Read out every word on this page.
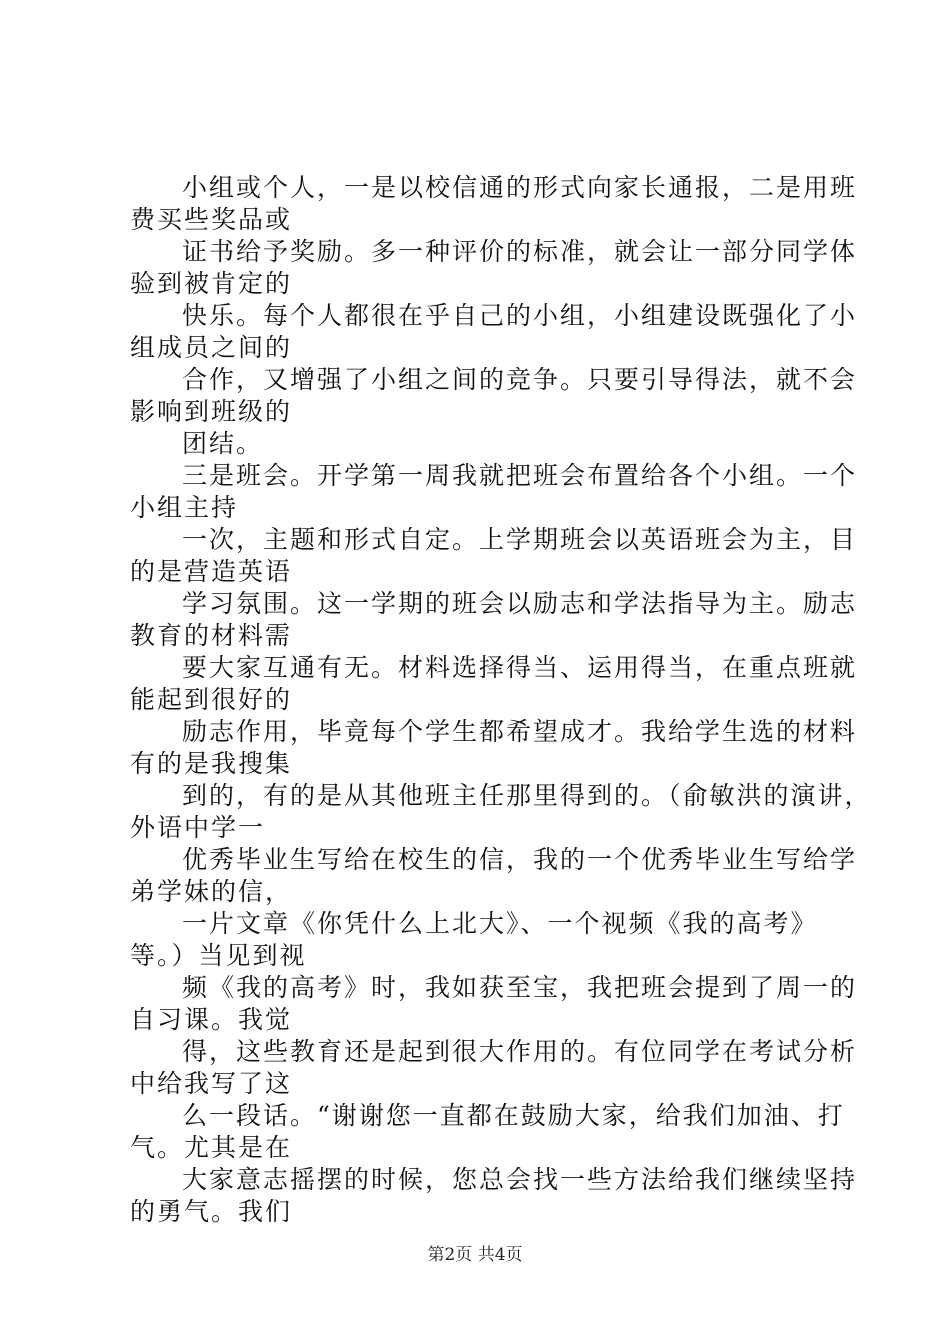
小组或个人，一是以校信通的形式向家长通报，二是用班

费买些奖品或

证书给予奖励。多一种评价的标准，就会让一部分同学体

验到被肯定的

快乐。每个人都很在乎自己的小组，小组建设既强化了小

组成员之间的

合作，又增强了小组之间的竞争。只要引导得法，就不会

影响到班级的

团结。

三是班会。开学第一周我就把班会布置给各个小组。一个

小组主持

一次，主题和形式自定。上学期班会以英语班会为主，目

的是营造英语

学习氛围。这一学期的班会以励志和学法指导为主。励志

教育的材料需

要大家互通有无。材料选择得当、运用得当，在重点班就

能起到很好的

励志作用，毕竟每个学生都希望成才。我给学生选的材料

有的是我搜集

到的，有的是从其他班主任那里得到的。（俞敏洪的演讲，

外语中学一

优秀毕业生写给在校生的信，我的一个优秀毕业生写给学

弟学妹的信，

一片文章《你凭什么上北大》、一个视频《我的高考》

等。）当见到视

频《我的高考》时，我如获至宝，我把班会提到了周一的

自习课。我觉

得，这些教育还是起到很大作用的。有位同学在考试分析

中给我写了这

么一段话。“谢谢您一直都在鼓励大家，给我们加油、打

气。尤其是在

大家意志摇摆的时候，您总会找一些方法给我们继续坚持

的勇气。我们

第2页 共4页
